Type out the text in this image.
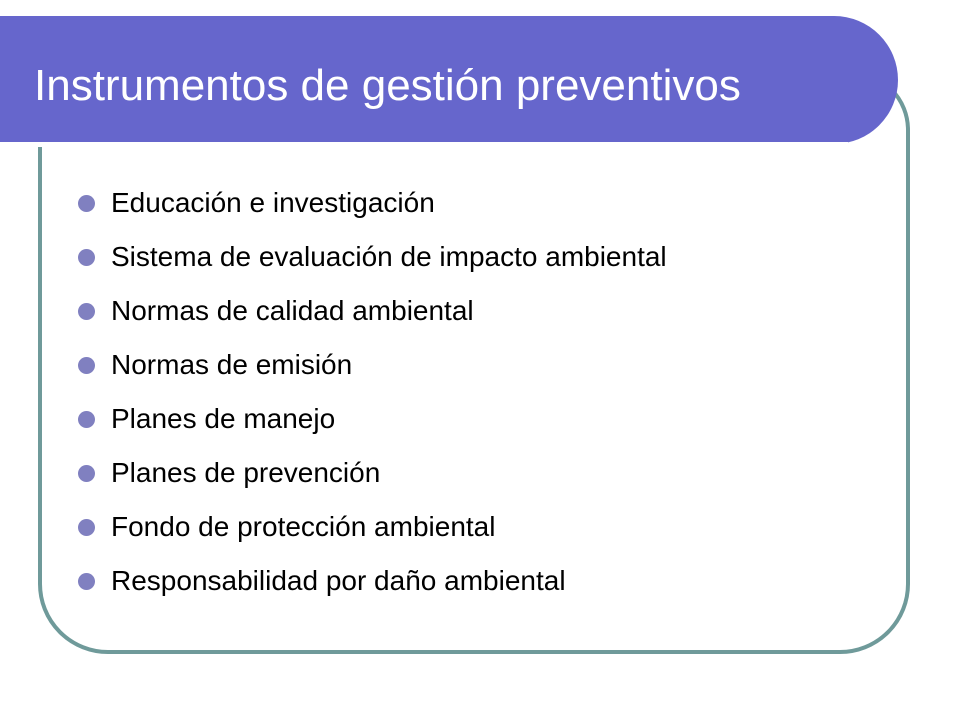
Instrumentos de gestión preventivos
Educación e investigación
Sistema de evaluación de impacto ambiental
Normas de calidad ambiental
Normas de emisión
Planes de manejo
Planes de prevención
Fondo de protección ambiental
Responsabilidad por daño ambiental
